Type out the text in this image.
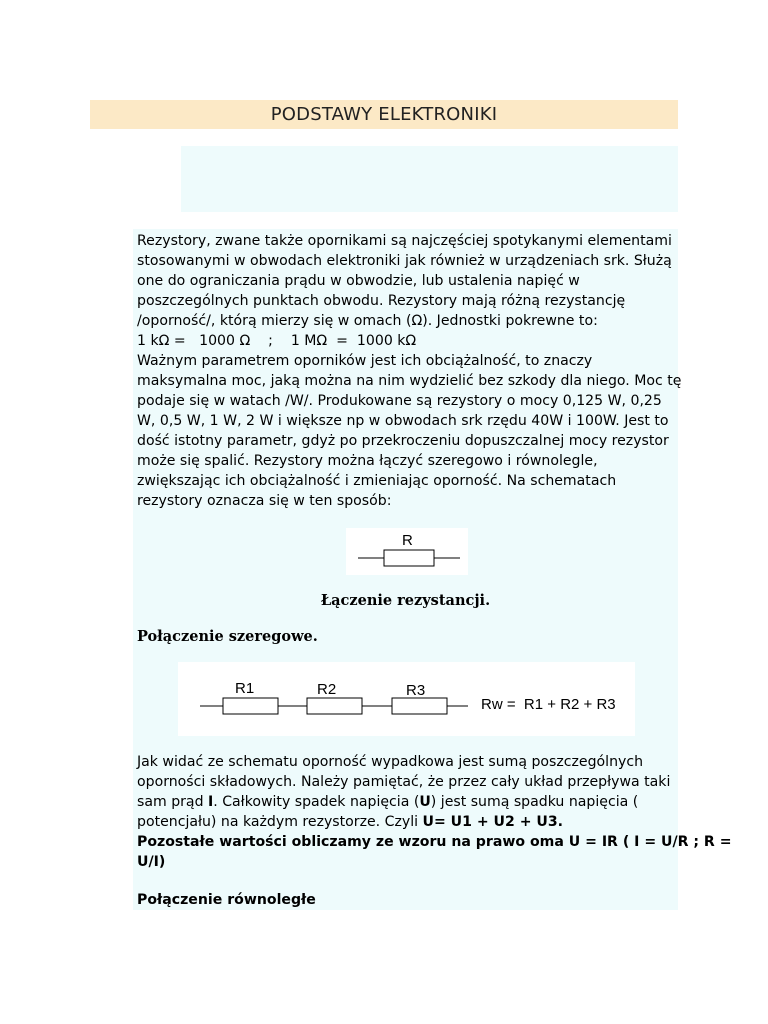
PODSTAWY ELEKTRONIKI
Rezystory, zwane także opornikami są najczęściej spotykanymi elementami
stosowanymi w obwodach elektroniki jak również w urządzeniach srk. Służą
one do ograniczania prądu w obwodzie, lub ustalenia napięć w
poszczególnych punktach obwodu. Rezystory mają różną rezystancję
/oporność/, którą mierzy się w omach (Ω). Jednostki pokrewne to:
1 kΩ =   1000 Ω    ;    1 MΩ  =  1000 kΩ
Ważnym parametrem oporników jest ich obciążalność, to znaczy
maksymalna moc, jaką można na nim wydzielić bez szkody dla niego. Moc tę
podaje się w watach /W/. Produkowane są rezystory o mocy 0,125 W, 0,25
W, 0,5 W, 1 W, 2 W i większe np w obwodach srk rzędu 40W i 100W. Jest to
dość istotny parametr, gdyż po przekroczeniu dopuszczalnej mocy rezystor
może się spalić. Rezystory można łączyć szeregowo i równolegle,
zwiększając ich obciążalność i zmieniając oporność. Na schematach
rezystory oznacza się w ten sposób:
R
Łączenie rezystancji.
Połączenie szeregowe.
R1	R2	R3
Rw =  R1 + R2 + R3
Jak widać ze schematu oporność wypadkowa jest sumą poszczególnych
oporności składowych. Należy pamiętać, że przez cały układ przepływa taki
sam prąd I. Całkowity spadek napięcia (U) jest sumą spadku napięcia (
potencjału) na każdym rezystorze. Czyli U= U1 + U2 + U3.
Pozostałe wartości obliczamy ze wzoru na prawo oma U = IR ( I = U/R ; R =
U/I)
Połączenie równoległe
